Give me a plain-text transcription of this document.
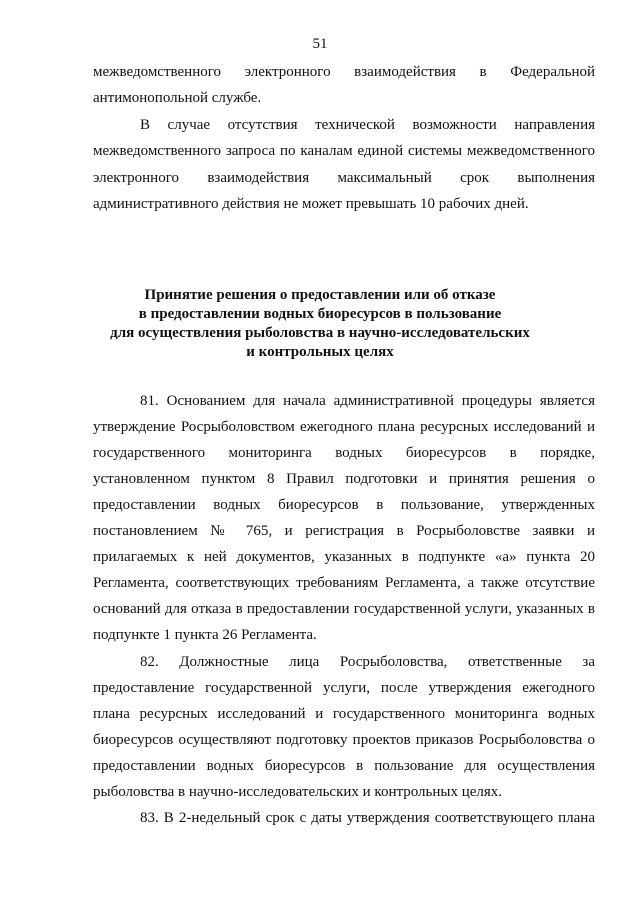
51
межведомственного электронного взаимодействия в Федеральной
антимонопольной службе.
В случае отсутствия технической возможности направления
межведомственного запроса по каналам единой системы межведомственного
электронного взаимодействия максимальный срок выполнения
административного действия не может превышать 10 рабочих дней.
Принятие решения о предоставлении или об отказе
в предоставлении водных биоресурсов в пользование
для осуществления рыболовства в научно-исследовательских
и контрольных целях
81. Основанием для начала административной процедуры является
утверждение Росрыболовством ежегодного плана ресурсных исследований и
государственного мониторинга водных биоресурсов в порядке,
установленном пунктом 8 Правил подготовки и принятия решения о
предоставлении водных биоресурсов в пользование, утвержденных
постановлением № 765, и регистрация в Росрыболовстве заявки и
прилагаемых к ней документов, указанных в подпункте «а» пункта 20
Регламента, соответствующих требованиям Регламента, а также отсутствие
оснований для отказа в предоставлении государственной услуги, указанных в
подпункте 1 пункта 26 Регламента.
82. Должностные лица Росрыболовства, ответственные за
предоставление государственной услуги, после утверждения ежегодного
плана ресурсных исследований и государственного мониторинга водных
биоресурсов осуществляют подготовку проектов приказов Росрыболовства о
предоставлении водных биоресурсов в пользование для осуществления
рыболовства в научно-исследовательских и контрольных целях.
83. В 2-недельный срок с даты утверждения соответствующего плана
